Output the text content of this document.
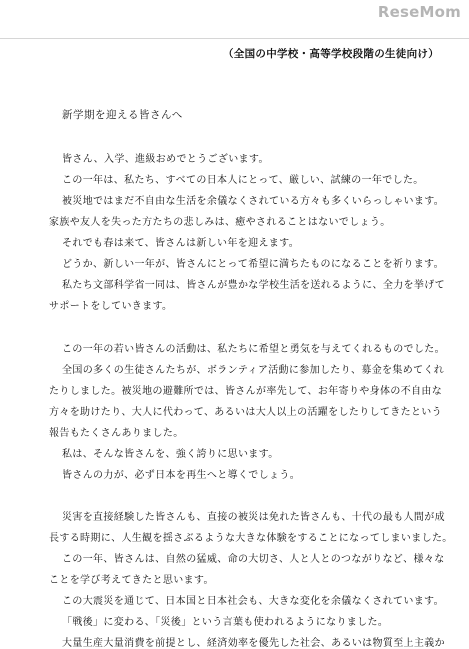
ReseMom
（全国の中学校・高等学校段階の生徒向け）
新学期を迎える皆さんへ
皆さん、入学、進級おめでとうございます。
この一年は、私たち、すべての日本人にとって、厳しい、試練の一年でした。
被災地ではまだ不自由な生活を余儀なくされている方々も多くいらっしゃいます。
家族や友人を失った方たちの悲しみは、癒やされることはないでしょう。
それでも春は来て、皆さんは新しい年を迎えます。
どうか、新しい一年が、皆さんにとって希望に満ちたものになることを祈ります。
私たち文部科学省一同は、皆さんが豊かな学校生活を送れるように、全力を挙げて
サポートをしていきます。
この一年の若い皆さんの活動は、私たちに希望と勇気を与えてくれるものでした。
全国の多くの生徒さんたちが、ボランティア活動に参加したり、募金を集めてくれ
たりしました。被災地の避難所では、皆さんが率先して、お年寄りや身体の不自由な
方々を助けたり、大人に代わって、あるいは大人以上の活躍をしたりしてきたという
報告もたくさんありました。
私は、そんな皆さんを、強く誇りに思います。
皆さんの力が、必ず日本を再生へと導くでしょう。
災害を直接経験した皆さんも、直接の被災は免れた皆さんも、十代の最も人間が成
長する時期に、人生観を揺さぶるような大きな体験をすることになってしまいました。
この一年、皆さんは、自然の猛威、命の大切さ、人と人とのつながりなど、様々な
ことを学び考えてきたと思います。
この大震災を通じて、日本国と日本社会も、大きな変化を余儀なくされています。
「戦後」に変わる、「災後」という言葉も使われるようになりました。
大量生産大量消費を前提とし、経済効率を優先した社会、あるいは物質至上主義か
